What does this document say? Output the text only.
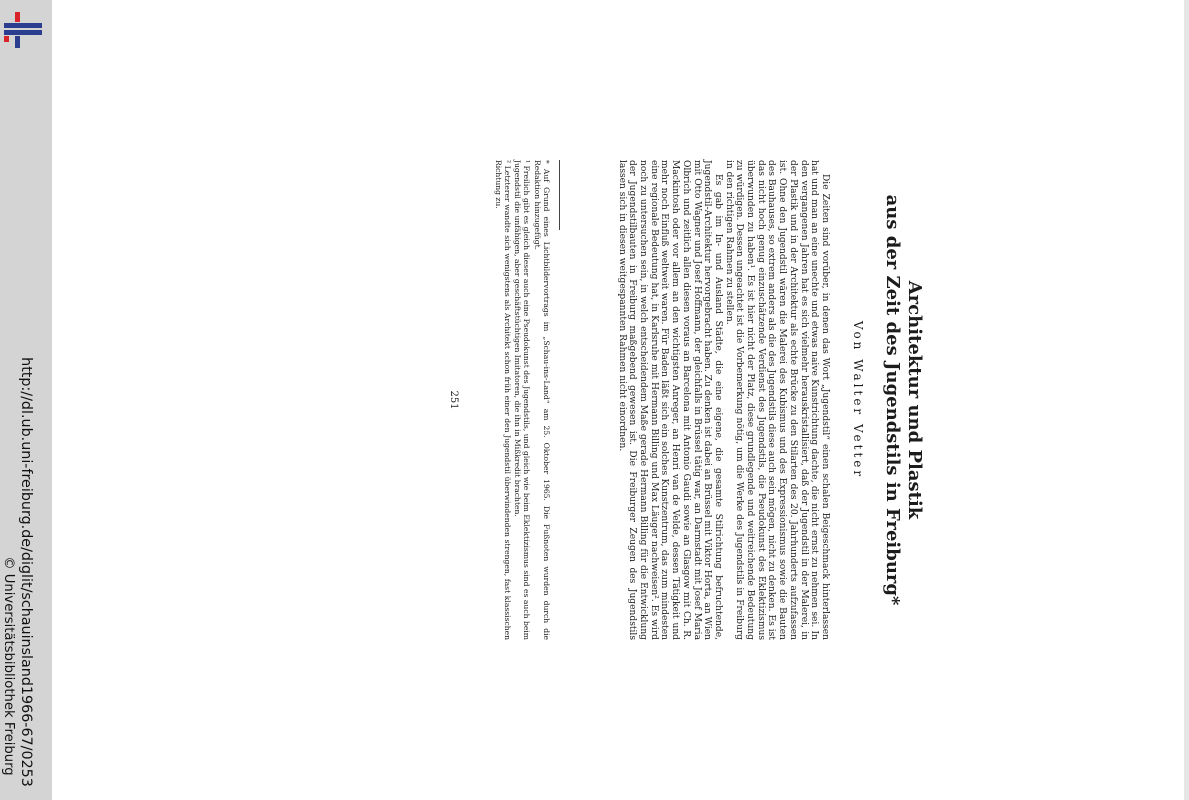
http://dl.ub.uni-freiburg.de/diglit/schauinsland1966-67/0253
© Universitätsbibliothek Freiburg
Architektur und Plastik
aus der Zeit des Jugendstils in Freiburg*
Von Walter Vetter

Die Zeiten sind vorüber, in denen das Wort „Jugendstil“ einen schalen Beigeschmack hinterlassen hat und man an eine unechte und etwas naive Kunstrichtung dachte, die nicht ernst zu nehmen sei. In den vergangenen Jahren hat es sich vielmehr herauskristallisiert, daß der Jugendstil in der Malerei, in der Plastik und in der Architektur als echte Brücke zu den Stilarten des 20. Jahrhunderts aufzufassen ist. Ohne den Jugendstil wären die Malerei des Kubismus und des Expressionismus sowie die Bauten des Bauhauses, so extrem anders als die des Jugendstils diese auch sein mögen, nicht zu denken. Es ist das nicht hoch genug einzuschätzende Verdienst des Jugendstils, die Pseudokunst des Eklektizismus überwunden zu haben¹. Es ist hier nicht der Platz, diese grundlegende und weitreichende Bedeutung zu würdigen. Dessen ungeachtet ist die Vorbemerkung nötig, um die Werke des Jugendstils in Freiburg in den richtigen Rahmen zu stellen.

Es gab im In- und Ausland Städte, die eine eigene, die gesamte Stilrichtung befruchtende, Jugendstil-Architektur hervorgebracht haben. Zu denken ist dabei an Brüssel mit Viktor Horta, an Wien mit Otto Wagner und Josef Hoffmann, der gleichfalls in Brüssel tätig war, an Darmstadt mit Josef Maria Olbrich und zeitlich allen diesen voraus an Barcelona mit Antonio Gaudi sowie an Glasgow mit Ch. R. Mackintosh oder vor allem an den wichtigsten Anreger, an Henri van de Velde, dessen Tätigkeit und mehr noch Einfluß weltweit waren. Für Baden läßt sich ein solches Kunstzentrum, das zum mindesten eine regionale Bedeutung hat, in Karlsruhe mit Hermann Billing und Max Läuger nachweisen². Es wird noch zu untersuchen sein, in welch entscheidendem Maße gerade Hermann Billing für die Entwicklung der Jugendstilbauten in Freiburg maßgebend gewesen ist. Die Freiburger Zeugen des Jugendstils lassen sich in diesen weitgespannten Rahmen nicht einordnen.

* Auf Grund eines Lichtbildervortrags im „Schau-ins-Land“ am 25. Oktober 1965. Die Fußnoten wurden durch die Redaktion hinzugefügt.

¹ Freilich gibt es gleich dieser auch eine Pseudokunst des Jugendstils, und gleich wie beim Eklektizismus sind es auch beim Jugendstil die unfähigen, aber geschäftstüchtigen Imitatoren, die ihn in Mißkredit brachten.

² Letzterer wandte sich wenigstens als Architekt schon früh einer den Jugendstil überwindenden strengen, fast klassischen Richtung zu.

251
